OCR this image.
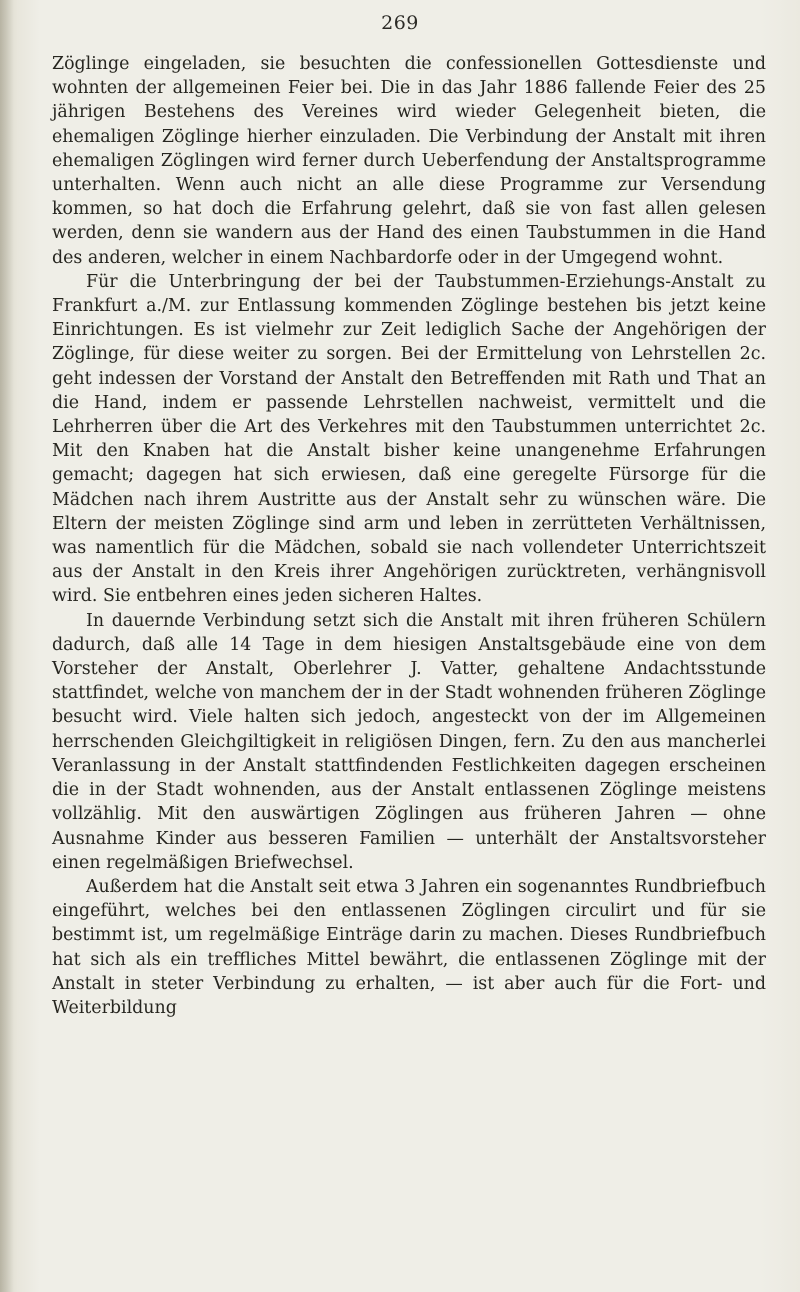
269

Zöglinge eingeladen, sie besuchten die confessionellen Gottesdienste und wohnten der allgemeinen Feier bei. Die in das Jahr 1886 fallende Feier des 25 jährigen Bestehens des Vereines wird wieder Gelegenheit bieten, die ehemaligen Zöglinge hierher einzuladen. Die Verbindung der Anstalt mit ihren ehemaligen Zöglingen wird ferner durch Ueberfendung der Anstaltsprogramme unterhalten. Wenn auch nicht an alle diese Programme zur Versendung kommen, so hat doch die Erfahrung gelehrt, daß sie von fast allen gelesen werden, denn sie wandern aus der Hand des einen Taubstummen in die Hand des anderen, welcher in einem Nachbardorfe oder in der Umgegend wohnt.

Für die Unterbringung der bei der Taubstummen-Erziehungs-Anstalt zu Frankfurt a./M. zur Entlassung kommenden Zöglinge bestehen bis jetzt keine Einrichtungen. Es ist vielmehr zur Zeit lediglich Sache der Angehörigen der Zöglinge, für diese weiter zu sorgen. Bei der Ermittelung von Lehrstellen 2c. geht indessen der Vorstand der Anstalt den Betreffenden mit Rath und That an die Hand, indem er passende Lehrstellen nachweist, vermittelt und die Lehrherren über die Art des Verkehres mit den Taubstummen unterrichtet 2c. Mit den Knaben hat die Anstalt bisher keine unangenehme Erfahrungen gemacht; dagegen hat sich erwiesen, daß eine geregelte Fürsorge für die Mädchen nach ihrem Austritte aus der Anstalt sehr zu wünschen wäre. Die Eltern der meisten Zöglinge sind arm und leben in zerrütteten Verhältnissen, was namentlich für die Mädchen, sobald sie nach vollendeter Unterrichtszeit aus der Anstalt in den Kreis ihrer Angehörigen zurücktreten, verhängnisvoll wird. Sie entbehren eines jeden sicheren Haltes.

In dauernde Verbindung setzt sich die Anstalt mit ihren früheren Schülern dadurch, daß alle 14 Tage in dem hiesigen Anstaltsgebäude eine von dem Vorsteher der Anstalt, Oberlehrer J. Vatter, gehaltene Andachtsstunde stattfindet, welche von manchem der in der Stadt wohnenden früheren Zöglinge besucht wird. Viele halten sich jedoch, angesteckt von der im Allgemeinen herrschenden Gleichgiltigkeit in religiösen Dingen, fern. Zu den aus mancherlei Veranlassung in der Anstalt stattfindenden Festlichkeiten dagegen erscheinen die in der Stadt wohnenden, aus der Anstalt entlassenen Zöglinge meistens vollzählig. Mit den auswärtigen Zöglingen aus früheren Jahren — ohne Ausnahme Kinder aus besseren Familien — unterhält der Anstaltsvorsteher einen regelmäßigen Briefwechsel.

Außerdem hat die Anstalt seit etwa 3 Jahren ein sogenanntes Rundbriefbuch eingeführt, welches bei den entlassenen Zöglingen circulirt und für sie bestimmt ist, um regelmäßige Einträge darin zu machen. Dieses Rundbriefbuch hat sich als ein treffliches Mittel bewährt, die entlassenen Zöglinge mit der Anstalt in steter Verbindung zu erhalten, — ist aber auch für die Fort- und Weiterbildung
